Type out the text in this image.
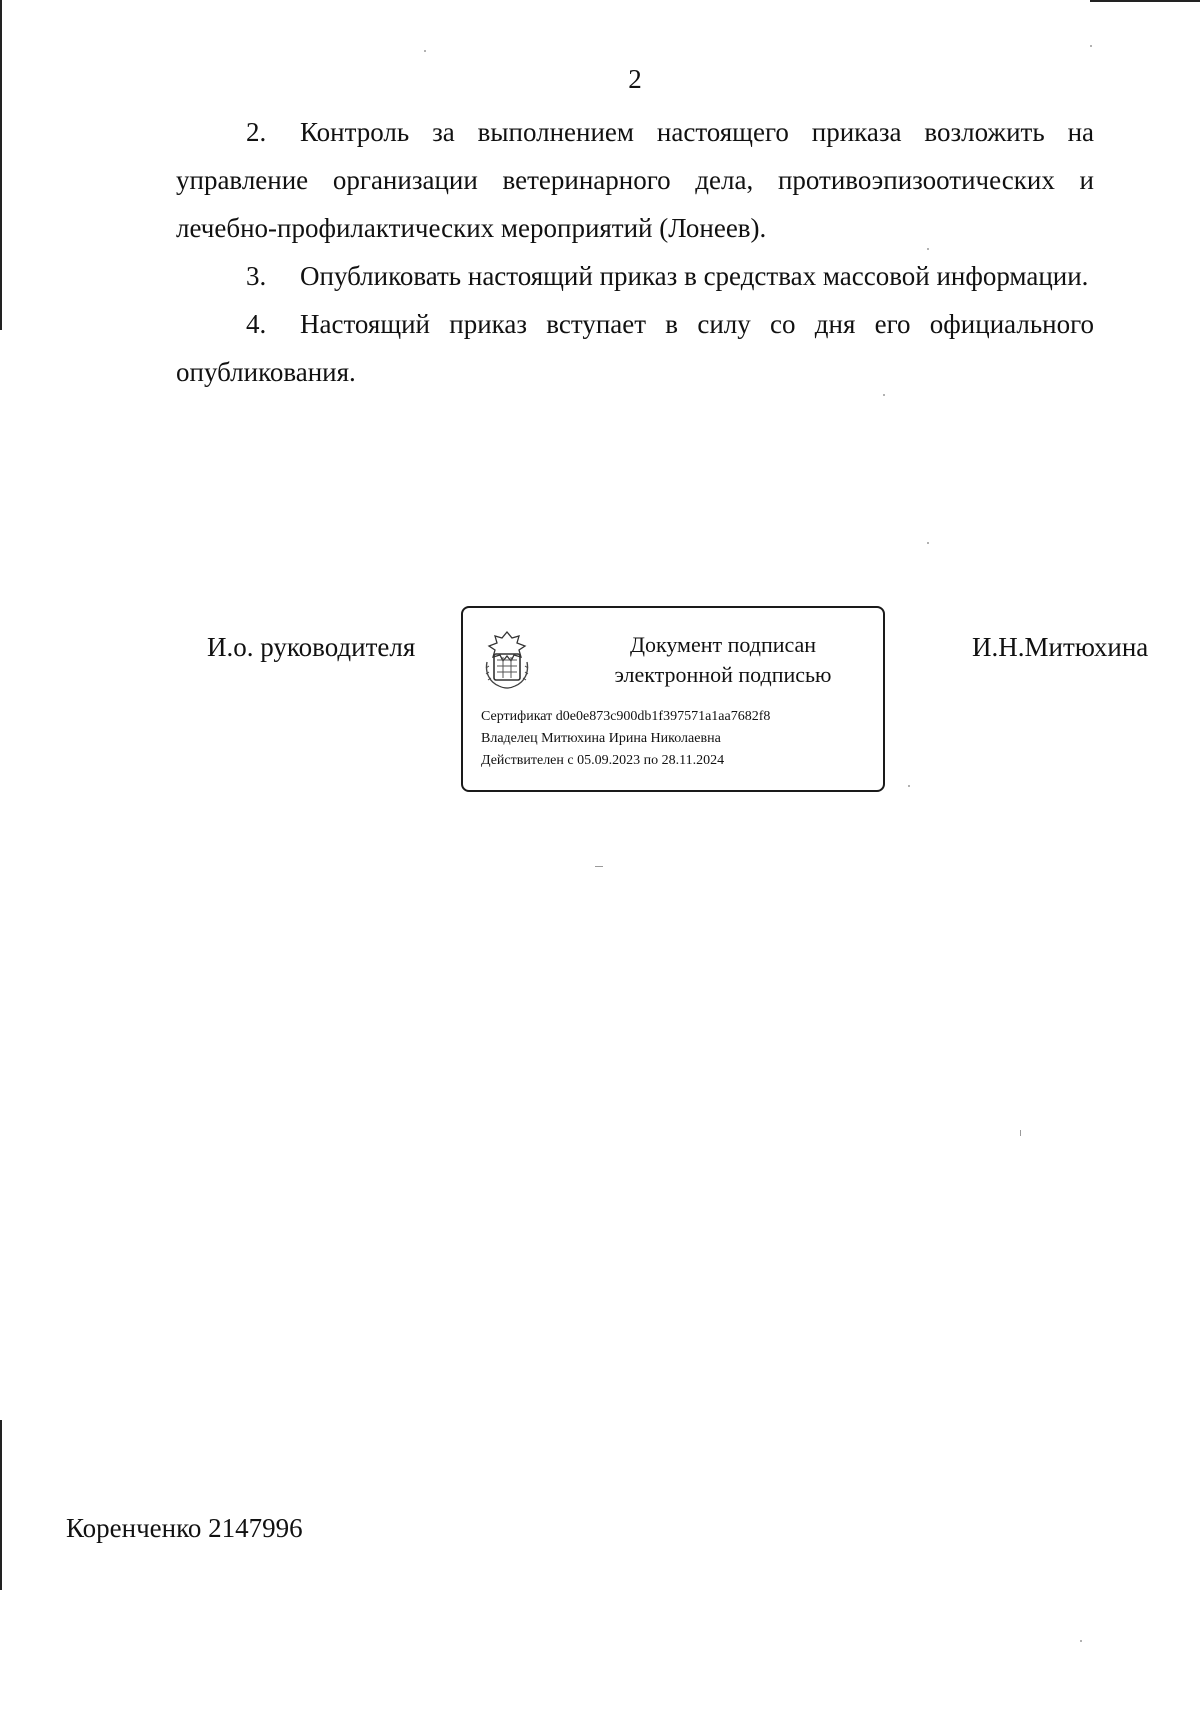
2

2. Контроль за выполнением настоящего приказа возложить на управление организации ветеринарного дела, противоэпизоотических и лечебно-профилактических мероприятий (Лонеев).

3. Опубликовать настоящий приказ в средствах массовой информации.

4. Настоящий приказ вступает в силу со дня его официального опубликования.

И.о. руководителя	Документ подписан
электронной подписью
Сертификат d0e0e873c900db1f397571a1aa7682f8
Владелец Митюхина Ирина Николаевна
Действителен с 05.09.2023 по 28.11.2024
И.Н.Митюхина
Коренченко 2147996
